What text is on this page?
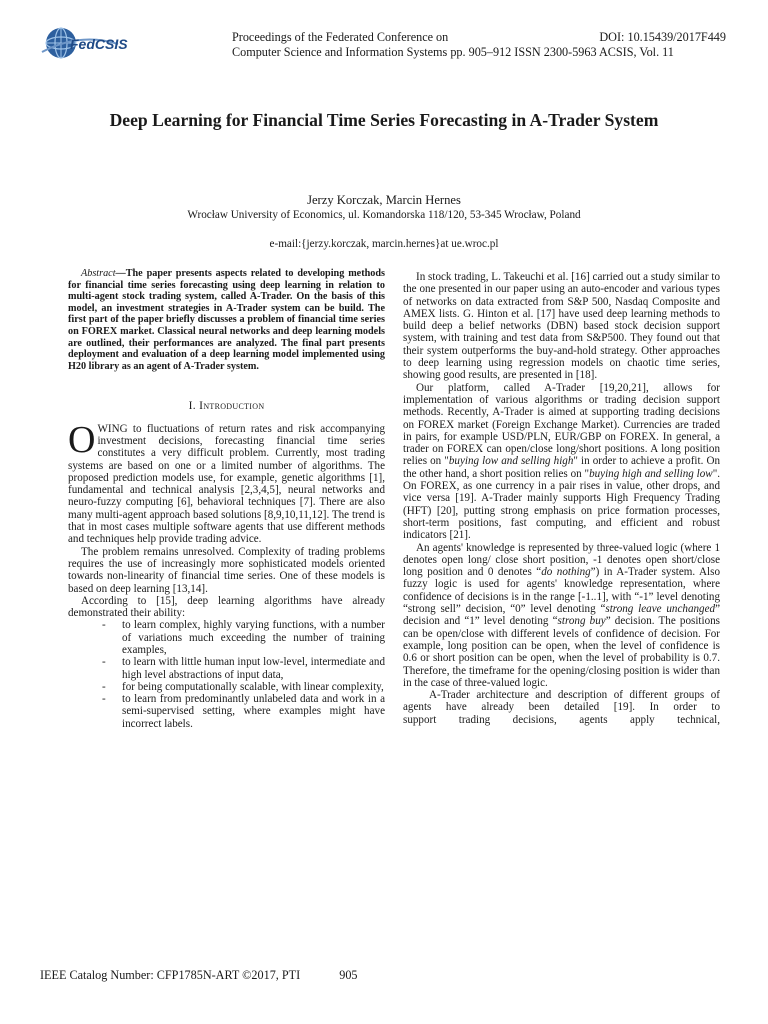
FedCSIS	Proceedings of the Federated Conference on	DOI: 10.15439/2017F449
Computer Science and Information Systems pp. 905–912 ISSN 2300-5963 ACSIS, Vol. 11
Deep Learning for Financial Time Series Forecasting in A-Trader System
Jerzy Korczak, Marcin Hernes
Wrocław University of Economics, ul. Komandorska 118/120, 53-345 Wrocław, Poland
e-mail:{jerzy.korczak, marcin.hernes}at ue.wroc.pl

Abstract—The paper presents aspects related to developing methods for financial time series forecasting using deep learning in relation to multi-agent stock trading system, called A-Trader. On the basis of this model, an investment strategies in A-Trader system can be build. The first part of the paper briefly discusses a problem of financial time series on FOREX market. Classical neural networks and deep learning models are outlined, their performances are analyzed. The final part presents deployment and evaluation of a deep learning model implemented using H20 library as an agent of A-Trader system.

I. Introduction

OWING to fluctuations of return rates and risk accompanying investment decisions, forecasting financial time series constitutes a very difficult problem. Currently, most trading systems are based on one or a limited number of algorithms. The proposed prediction models use, for example, genetic algorithms [1], fundamental and technical analysis [2,3,4,5], neural networks and neuro-fuzzy computing [6], behavioral techniques [7]. There are also many multi-agent approach based solutions [8,9,10,11,12]. The trend is that in most cases multiple software agents that use different methods and techniques help provide trading advice.

The problem remains unresolved. Complexity of trading problems requires the use of increasingly more sophisticated models oriented towards non-linearity of financial time series. One of these models is based on deep learning [13,14].

According to [15], deep learning algorithms have already demonstrated their ability:

- to learn complex, highly varying functions, with a number of variations much exceeding the number of training examples,
- to learn with little human input low-level, intermediate and high level abstractions of input data,
- for being computationally scalable, with linear complexity,
- to learn from predominantly unlabeled data and work in a semi-supervised setting, where examples might have incorrect labels.

In stock trading, L. Takeuchi et al. [16] carried out a study similar to the one presented in our paper using an auto-encoder and various types of networks on data extracted from S&P 500, Nasdaq Composite and AMEX lists. G. Hinton et al. [17] have used deep learning methods to build deep a belief networks (DBN) based stock decision support system, with training and test data from S&P500. They found out that their system outperforms the buy-and-hold strategy. Other approaches to deep learning using regression models on chaotic time series, showing good results, are presented in [18].

Our platform, called A-Trader [19,20,21], allows for implementation of various algorithms or trading decision support methods. Recently, A-Trader is aimed at supporting trading decisions on FOREX market (Foreign Exchange Market). Currencies are traded in pairs, for example USD/PLN, EUR/GBP on FOREX. In general, a trader on FOREX can open/close long/short positions. A long position relies on "buying low and selling high" in order to achieve a profit. On the other hand, a short position relies on "buying high and selling low". On FOREX, as one currency in a pair rises in value, other drops, and vice versa [19]. A-Trader mainly supports High Frequency Trading (HFT) [20], putting strong emphasis on price formation processes, short-term positions, fast computing, and efficient and robust indicators [21].

An agents' knowledge is represented by three-valued logic (where 1 denotes open long/ close short position, -1 denotes open short/close long position and 0 denotes “do nothing”) in A-Trader system. Also fuzzy logic is used for agents' knowledge representation, where confidence of decisions is in the range [-1..1], with “-1” level denoting “strong sell” decision, “0” level denoting “strong leave unchanged” decision and “1” level denoting “strong buy” decision. The positions can be open/close with different levels of confidence of decision. For example, long position can be open, when the level of confidence is 0.6 or short position can be open, when the level of probability is 0.7. Therefore, the timeframe for the opening/closing position is wider than in the case of three-valued logic.

A-Trader architecture and description of different groups of agents have already been detailed [19]. In order to

support trading decisions, agents apply technical,

IEEE Catalog Number: CFP1785N-ART ©2017, PTI	905
